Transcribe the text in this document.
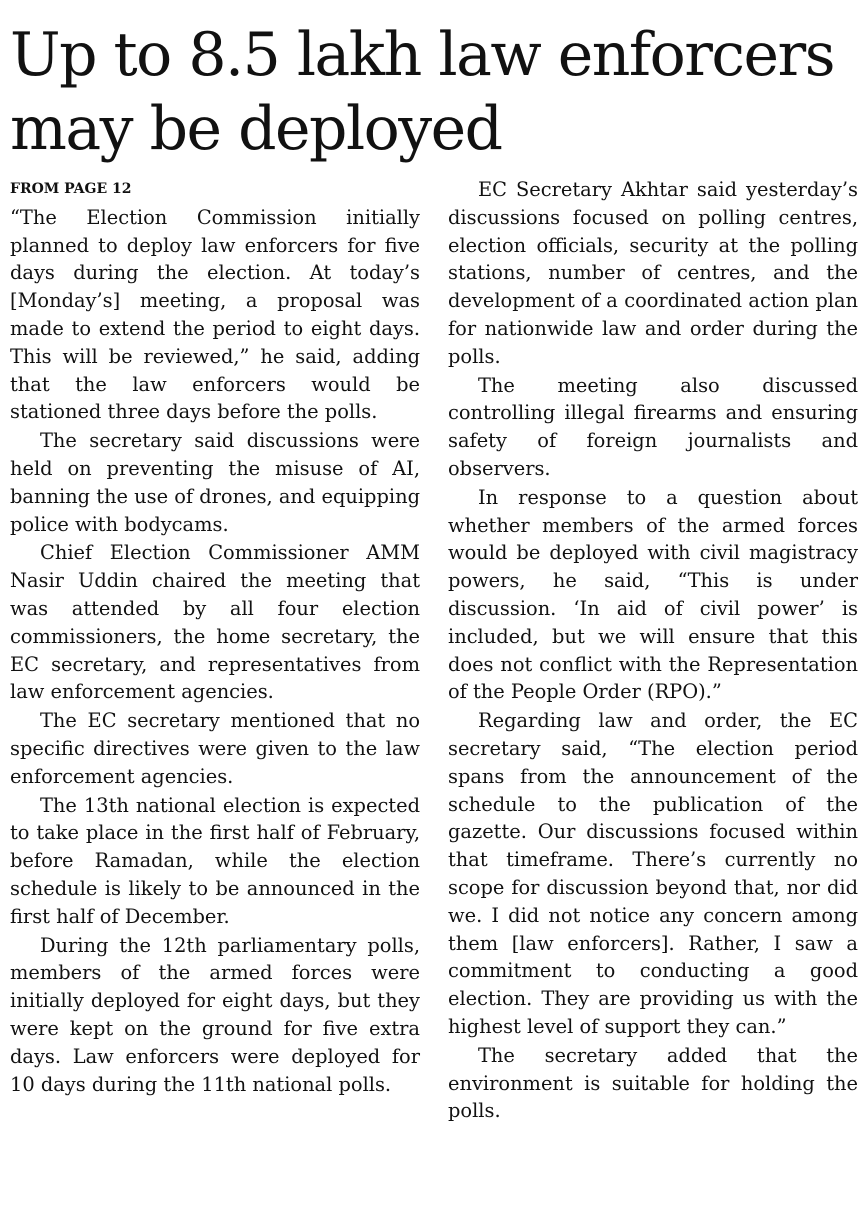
Up to 8.5 lakh law enforcers may be deployed
FROM PAGE 12

“The Election Commission initially planned to deploy law enforcers for five days during the election. At today’s [Monday’s] meeting, a proposal was made to extend the period to eight days. This will be reviewed,” he said, adding that the law enforcers would be stationed three days before the polls.

The secretary said discussions were held on preventing the misuse of AI, banning the use of drones, and equipping police with bodycams.

Chief Election Commissioner AMM Nasir Uddin chaired the meeting that was attended by all four election commissioners, the home secretary, the EC secretary, and representatives from law enforcement agencies.

The EC secretary mentioned that no specific directives were given to the law enforcement agencies.

The 13th national election is expected to take place in the first half of February, before Ramadan, while the election schedule is likely to be announced in the first half of December.

During the 12th parliamentary polls, members of the armed forces were initially deployed for eight days, but they were kept on the ground for five extra days. Law enforcers were deployed for 10 days during the 11th national polls.

EC Secretary Akhtar said yesterday’s discussions focused on polling centres, election officials, security at the polling stations, number of centres, and the development of a coordinated action plan for nationwide law and order during the polls.

The meeting also discussed controlling illegal firearms and ensuring safety of foreign journalists and observers.

In response to a question about whether members of the armed forces would be deployed with civil magistracy powers, he said, “This is under discussion. ‘In aid of civil power’ is included, but we will ensure that this does not conflict with the Representation of the People Order (RPO).”

Regarding law and order, the EC secretary said, “The election period spans from the announcement of the schedule to the publication of the gazette. Our discussions focused within that timeframe. There’s currently no scope for discussion beyond that, nor did we. I did not notice any concern among them [law enforcers]. Rather, I saw a commitment to conducting a good election. They are providing us with the highest level of support they can.”

The secretary added that the environment is suitable for holding the polls.
